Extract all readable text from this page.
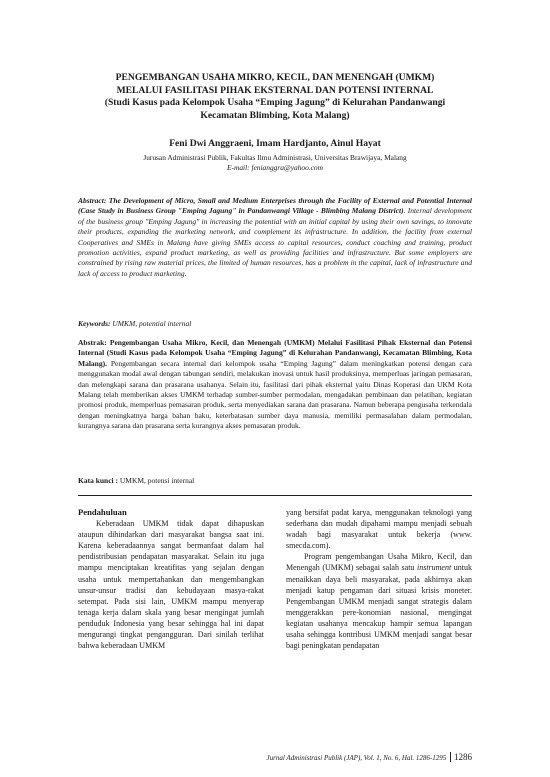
PENGEMBANGAN USAHA MIKRO, KECIL, DAN MENENGAH (UMKM)
MELALUI FASILITASI PIHAK EKSTERNAL DAN POTENSI INTERNAL
(Studi Kasus pada Kelompok Usaha “Emping Jagung” di Kelurahan Pandanwangi
Kecamatan Blimbing, Kota Malang)
Feni Dwi Anggraeni, Imam Hardjanto, Ainul Hayat
Jurusan Administrasi Publik, Fakultas Ilmu Administrasi, Universitas Brawijaya, Malang
E-mail: fenianggra@yahoo.com
Abstract: The Development of Micro, Small and Medium Enterprises through the Facility of External and Potential Internal (Case Study in Business Group "Emping Jagung" in Pandanwangi Village - Blimbing Malang District). Internal development of the business group "Emping Jagung" in increasing the potential with an initial capital by using their own savings, to innovate their products, expanding the marketing network, and complement its infrastructure. In addition, the facility from external Cooperatives and SMEs in Malang have giving SMEs access to capital resources, conduct coaching and training, product promotion activities, expand product marketing, as well as providing facilities and infrastructure. But some employers are constrained by rising raw material prices, the limited of human resources, has a problem in the capital, lack of infrastructure and lack of access to product marketing.
Keywords: UMKM, potential internal
Abstrak: Pengembangan Usaha Mikro, Kecil, dan Menengah (UMKM) Melalui Fasilitasi Pihak Eksternal dan Potensi Internal (Studi Kasus pada Kelompok Usaha “Emping Jagung” di Kelurahan Pandanwangi, Kecamatan Blimbing, Kota Malang). Pengembangan secara internal dari kelompok usaha “Emping Jagung” dalam meningkatkan potensi dengan cara menggunakan modal awal dengan tabungan sendiri, melakukan inovasi untuk hasil produksinya, memperluas jaringan pemasaran, dan melengkapi sarana dan prasarana usahanya. Selain itu, fasilitasi dari pihak eksternal yaitu Dinas Koperasi dan UKM Kota Malang telah memberikan akses UMKM terhadap sumber-sumber permodalan, mengadakan pembinaan dan pelatihan, kegiatan promosi produk, memperluas pemasaran produk, serta menyediakan sarana dan prasarana. Namun beberapa pengusaha terkendala dengan meningkatnya harga bahan baku, keterbatasan sumber daya manusia, memiliki permasalahan dalam permodalan, kurangnya sarana dan prasarana serta kurangnya akses pemasaran produk.
Kata kunci : UMKM, potensi internal

Pendahuluan

Keberadaan UMKM tidak dapat dihapuskan ataupun dihindarkan dari masyarakat bangsa saat ini. Karena keberadaannya sangat bermanfaat dalam hal pendistribusian pendapatan masyarakat. Selain itu juga mampu menciptakan kreatifitas yang sejalan dengan usaha untuk mempertahankan dan mengembangkan unsur-unsur tradisi dan kebudayaan masya-rakat setempat. Pada sisi lain, UMKM mampu menyerap tenaga kerja dalam skala yang besar mengingat jumlah penduduk Indonesia yang besar sehingga hal ini dapat mengurangi tingkat pengangguran. Dari sinilah terlihat bahwa keberadaan UMKM

yang bersifat padat karya, menggunakan teknologi yang sederhana dan mudah dipahami mampu menjadi sebuah wadah bagi masyarakat untuk bekerja (www. smecda.com).

Program pengembangan Usaha Mikro, Kecil, dan Menengah (UMKM) sebagai salah satu instrument untuk menaikkan daya beli masyarakat, pada akhirnya akan menjadi katup pengaman dari situasi krisis moneter. Pengembangan UMKM menjadi sangat strategis dalam menggerakkan pere-konomian nasional, mengingat kegiatan usahanya mencakup hampir semua lapangan usaha sehingga kontribusi UMKM menjadi sangat besar bagi peningkatan pendapatan

Jurnal Administrasi Publik (JAP), Vol. 1, No. 6, Hal. 1286-1295 1286
